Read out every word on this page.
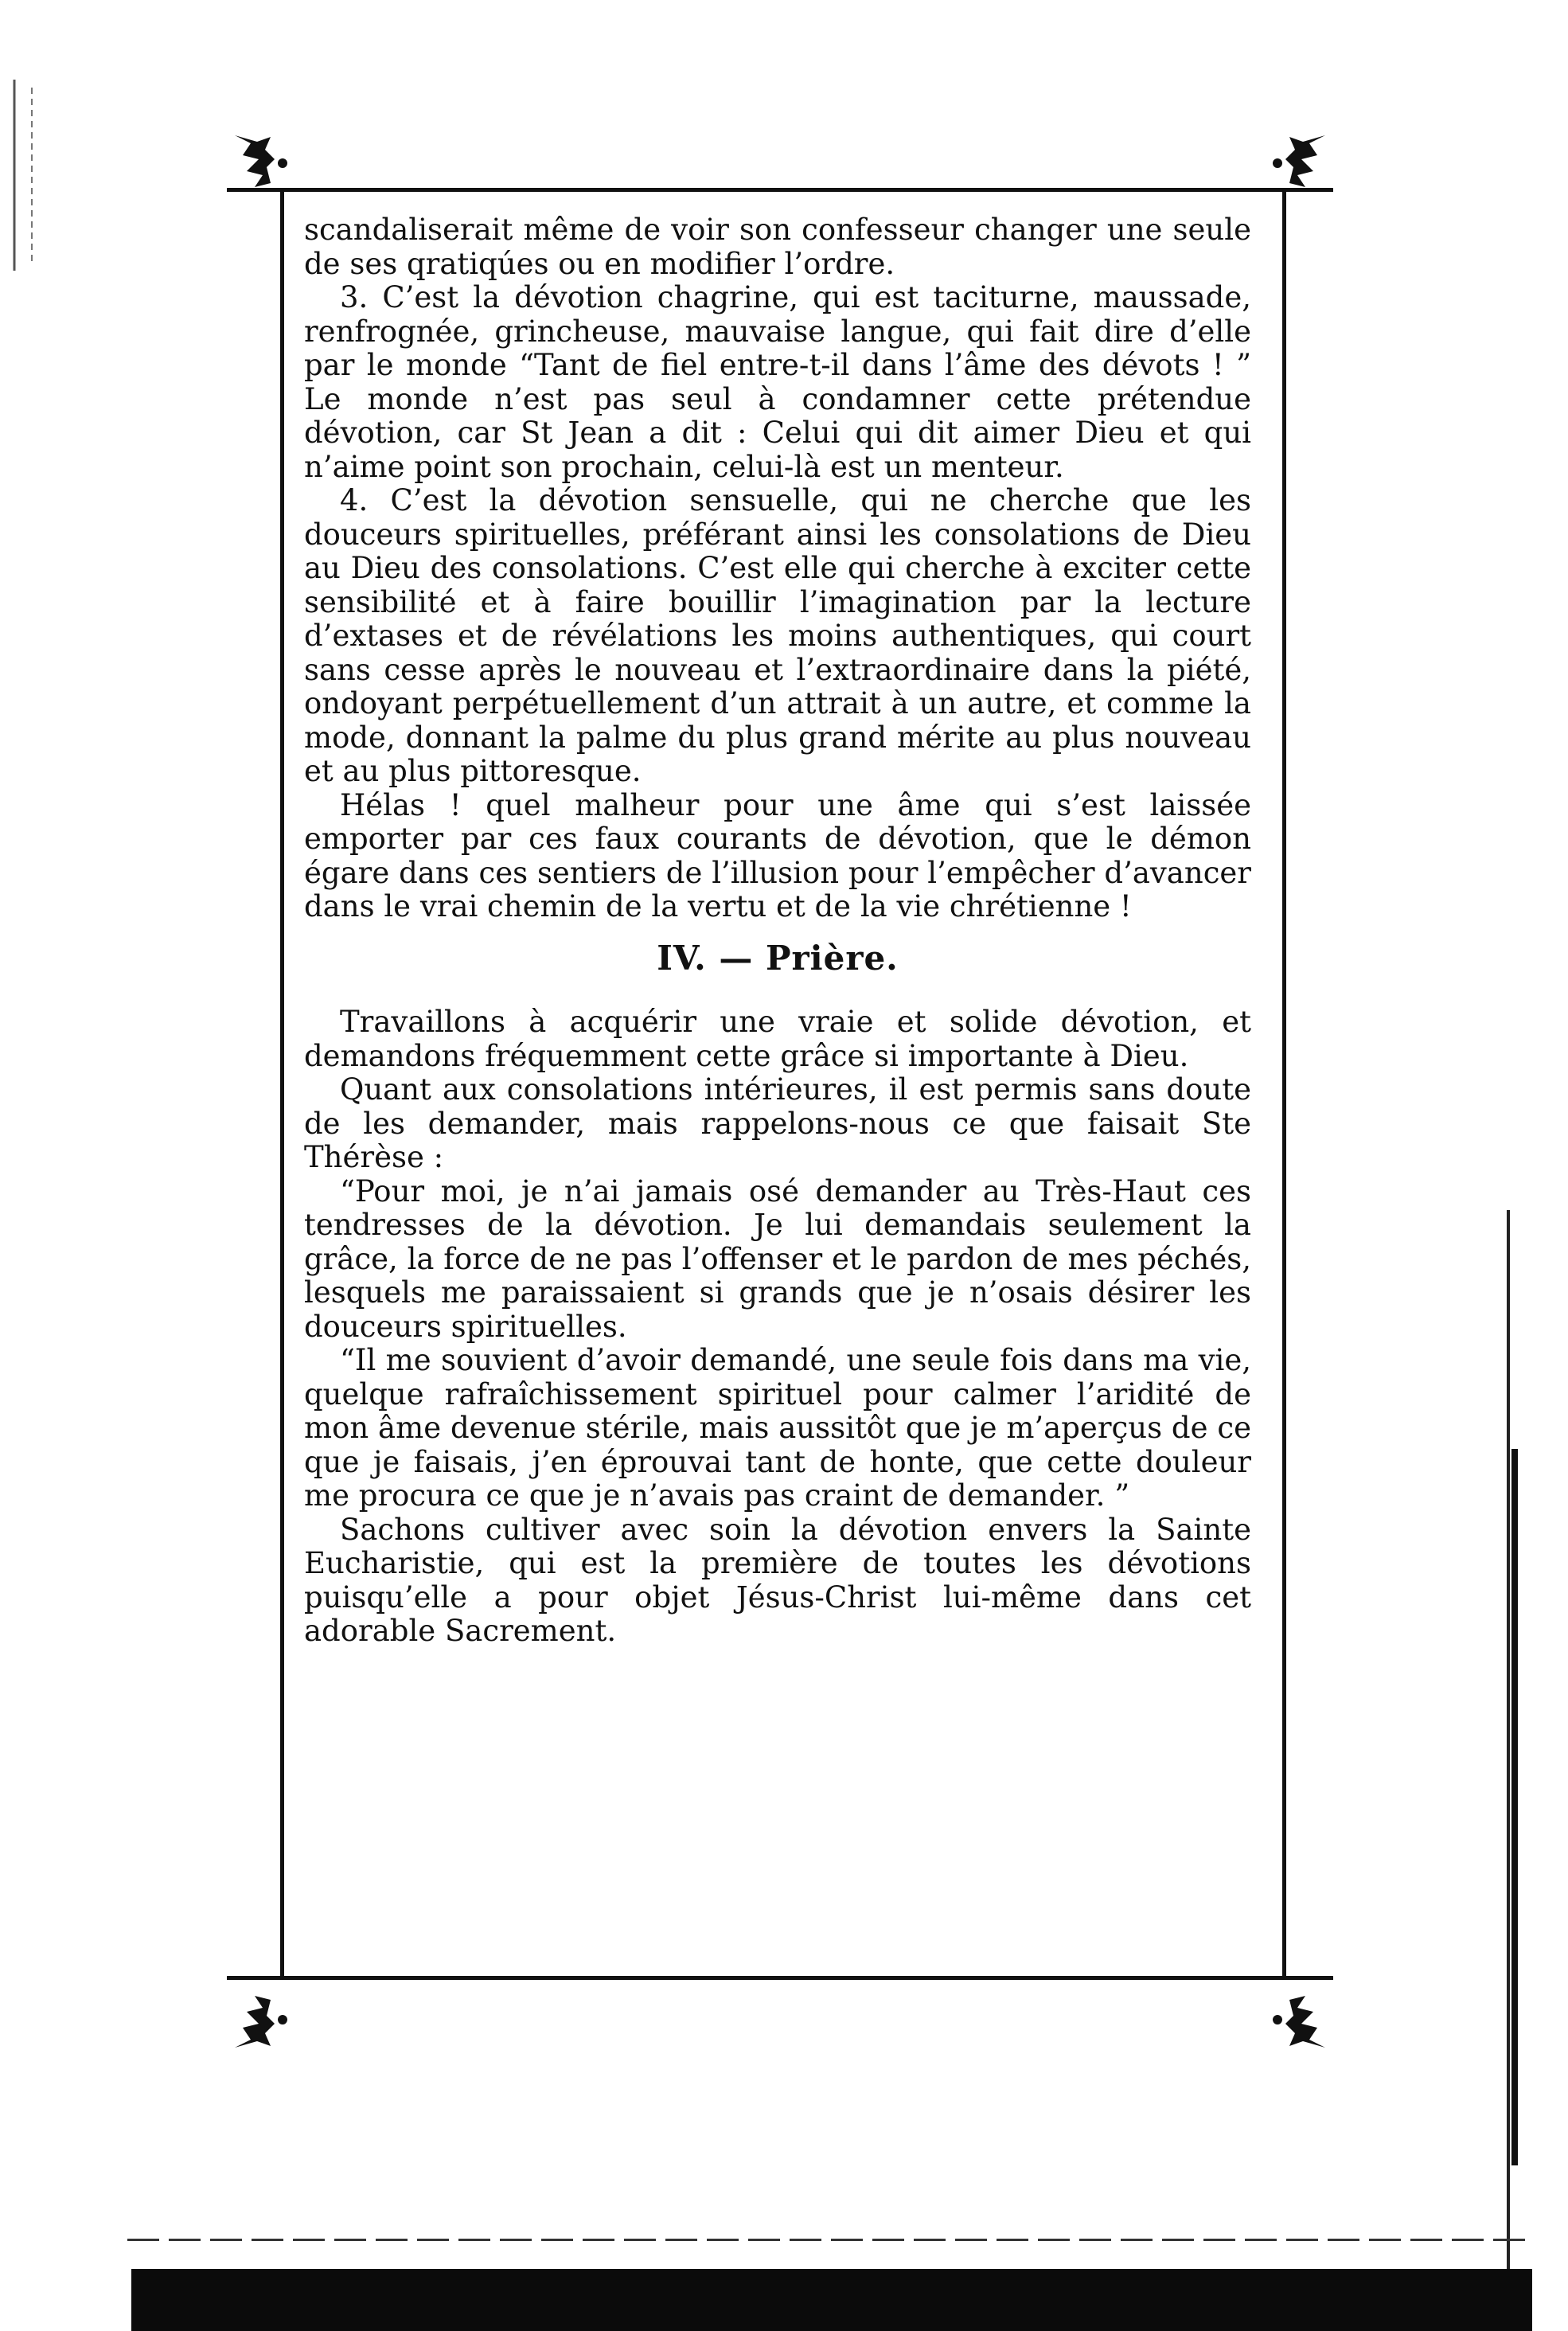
scandaliserait même de voir son confesseur changer une seule de ses qratiqúes ou en modifier l’ordre.

3. C’est la dévotion chagrine, qui est taciturne, maussade, renfrognée, grincheuse, mauvaise langue, qui fait dire d’elle par le monde “Tant de fiel entre-t-il dans l’âme des dévots ! ” Le monde n’est pas seul à condamner cette prétendue dévotion, car St Jean a dit : Celui qui dit aimer Dieu et qui n’aime point son prochain, celui-là est un menteur.

4. C’est la dévotion sensuelle, qui ne cherche que les douceurs spirituelles, préférant ainsi les consolations de Dieu au Dieu des consolations. C’est elle qui cherche à exciter cette sensibilité et à faire bouillir l’imagination par la lecture d’extases et de révélations les moins authentiques, qui court sans cesse après le nouveau et l’extraordinaire dans la piété, ondoyant perpétuellement d’un attrait à un autre, et comme la mode, donnant la palme du plus grand mérite au plus nouveau et au plus pittoresque.

Hélas ! quel malheur pour une âme qui s’est laissée emporter par ces faux courants de dévotion, que le démon égare dans ces sentiers de l’illusion pour l’empêcher d’avancer dans le vrai chemin de la vertu et de la vie chrétienne !

IV. — Prière.

Travaillons à acquérir une vraie et solide dévotion, et demandons fréquemment cette grâce si importante à Dieu.

Quant aux consolations intérieures, il est permis sans doute de les demander, mais rappelons-nous ce que faisait Ste Thérèse :

“Pour moi, je n’ai jamais osé demander au Très-Haut ces tendresses de la dévotion. Je lui demandais seulement la grâce, la force de ne pas l’offenser et le pardon de mes péchés, lesquels me paraissaient si grands que je n’osais désirer les douceurs spirituelles.

“Il me souvient d’avoir demandé, une seule fois dans ma vie, quelque rafraîchissement spirituel pour calmer l’aridité de mon âme devenue stérile, mais aussitôt que je m’aperçus de ce que je faisais, j’en éprouvai tant de honte, que cette douleur me procura ce que je n’avais pas craint de demander. ”

Sachons cultiver avec soin la dévotion envers la Sainte Eucharistie, qui est la première de toutes les dévotions puisqu’elle a pour objet Jésus-Christ lui-même dans cet adorable Sacrement.
